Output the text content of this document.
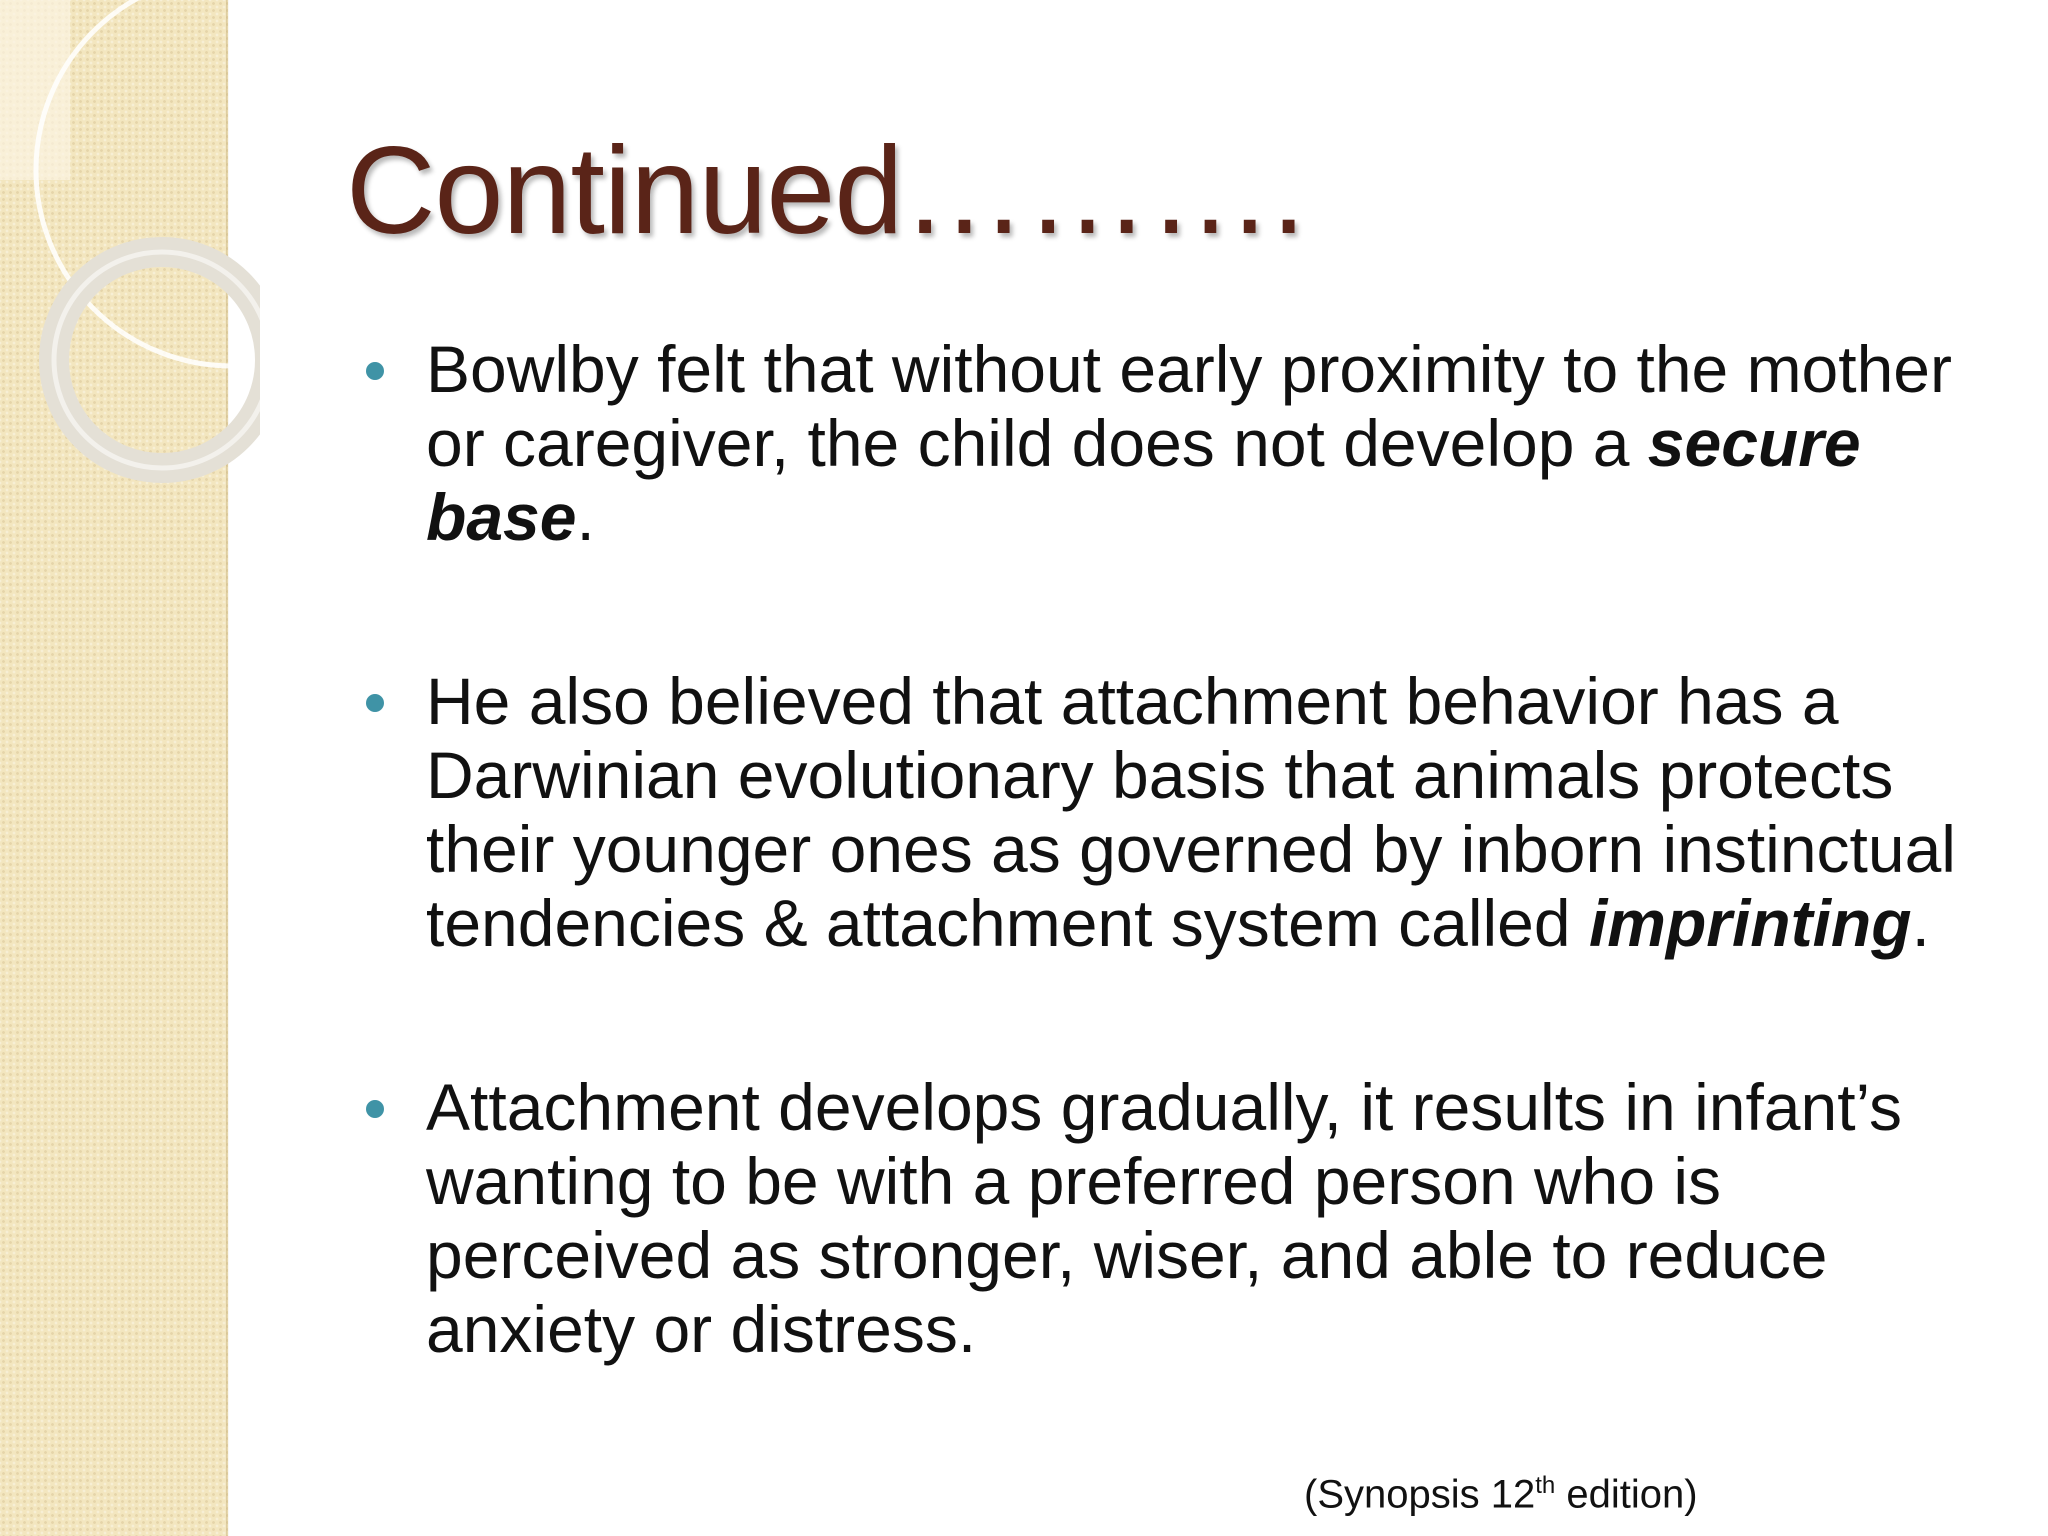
Continued……….
Bowlby felt that without early proximity to the mother or caregiver, the child does not develop a secure base.
He also believed that attachment behavior has a Darwinian evolutionary basis that animals protects their younger ones as governed by inborn instinctual tendencies & attachment system called imprinting.
Attachment develops gradually, it results in infant’s wanting to be with a preferred person who is perceived as stronger, wiser, and able to reduce anxiety or distress.
(Synopsis 12th edition)
